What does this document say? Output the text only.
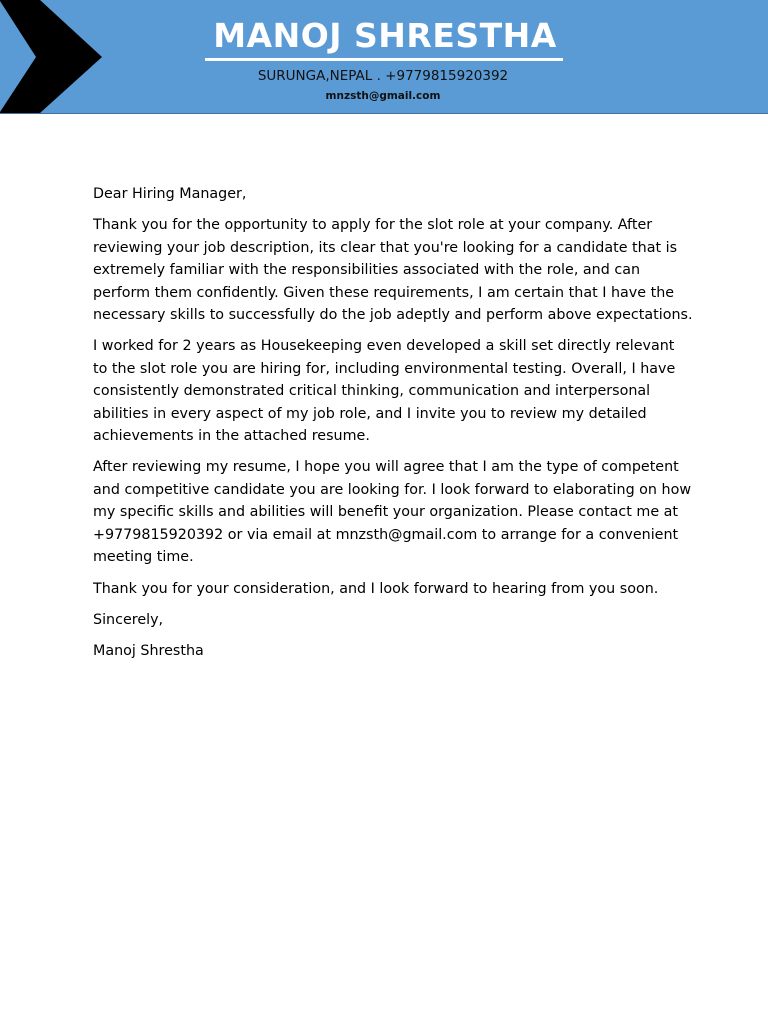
MANOJ SHRESTHA
SURUNGA,NEPAL . +9779815920392
mnzsth@gmail.com

Dear Hiring Manager,

Thank you for the opportunity to apply for the slot role at your company. After reviewing your job description, its clear that you're looking for a candidate that is extremely familiar with the responsibilities associated with the role, and can perform them confidently. Given these requirements, I am certain that I have the necessary skills to successfully do the job adeptly and perform above expectations.

I worked for 2 years as Housekeeping even developed a skill set directly relevant to the slot role you are hiring for, including environmental testing. Overall, I have consistently demonstrated critical thinking, communication and interpersonal abilities in every aspect of my job role, and I invite you to review my detailed achievements in the attached resume.

After reviewing my resume, I hope you will agree that I am the type of competent and competitive candidate you are looking for. I look forward to elaborating on how my specific skills and abilities will benefit your organization. Please contact me at +9779815920392 or via email at mnzsth@gmail.com to arrange for a convenient meeting time.

Thank you for your consideration, and I look forward to hearing from you soon.

Sincerely,

Manoj Shrestha
